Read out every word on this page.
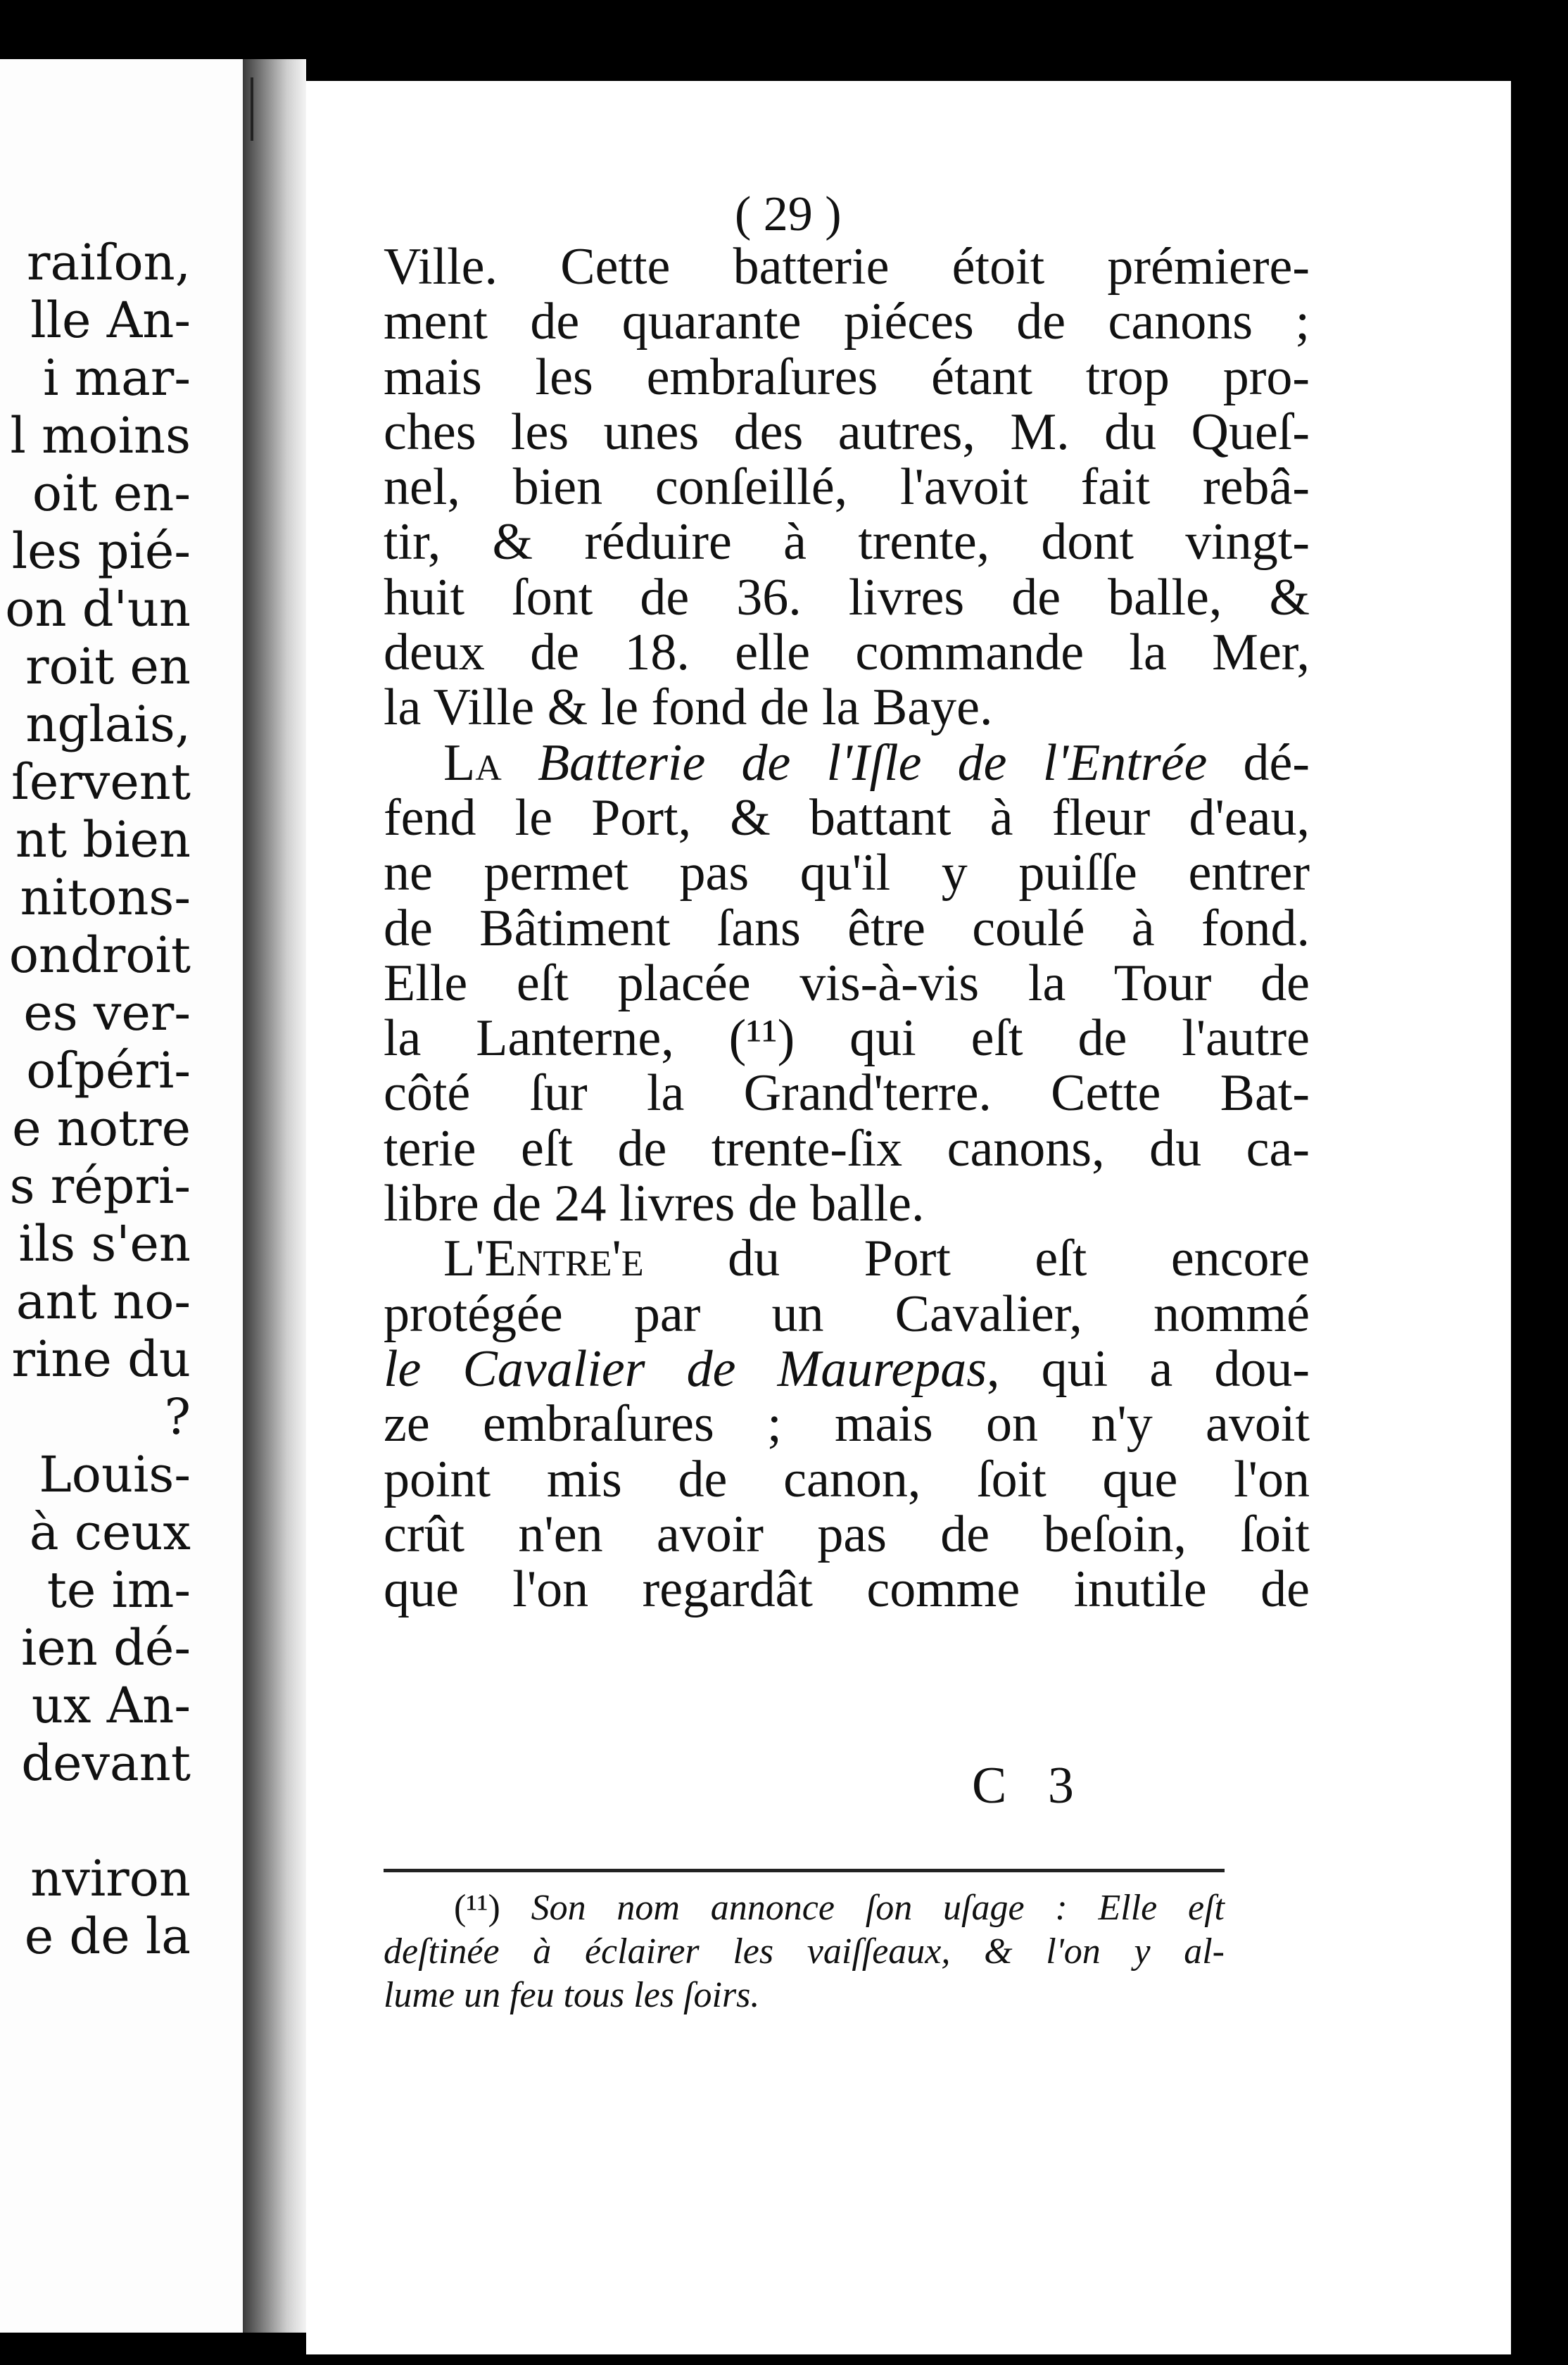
raiſon,
lle An-
i mar-
l moins
oit en-
les pié-
on d'un
roit en
nglais,
ſervent
nt bien
nitons-
ondroit
es ver-
oſpéri-
e notre
s répri-
ils s'en
ant no-
rine du
?
Louis-
à ceux
te im-
ien dé-
ux An-
devant
nviron
e de la
( 29 )
Ville. Cette batterie étoit prémiere-
ment de quarante piéces de canons ;
mais les embraſures étant trop pro-
ches les unes des autres, M. du Queſ-
nel, bien conſeillé, l'avoit fait rebâ-
tir, & réduire à trente, dont vingt-
huit ſont de 36. livres de balle, &
deux de 18. elle commande la Mer,
la Ville & le fond de la Baye.
La Batterie de l'Iſle de l'Entrée dé-
fend le Port, & battant à fleur d'eau,
ne permet pas qu'il y puiſſe entrer
de Bâtiment ſans être coulé à fond.
Elle eſt placée vis-à-vis la Tour de
la Lanterne, (¹¹) qui eſt de l'autre
côté ſur la Grand'terre. Cette Bat-
terie eſt de trente-ſix canons, du ca-
libre de 24 livres de balle.
L'Entre'e du Port eſt encore
protégée par un Cavalier, nommé
le Cavalier de Maurepas, qui a dou-
ze embraſures ; mais on n'y avoit
point mis de canon, ſoit que l'on
crût n'en avoir pas de beſoin, ſoit
que l'on regardât comme inutile de
C 3
(¹¹) Son nom annonce ſon uſage : Elle eſt
deſtinée à éclairer les vaiſſeaux, & l'on y al-
lume un feu tous les ſoirs.
